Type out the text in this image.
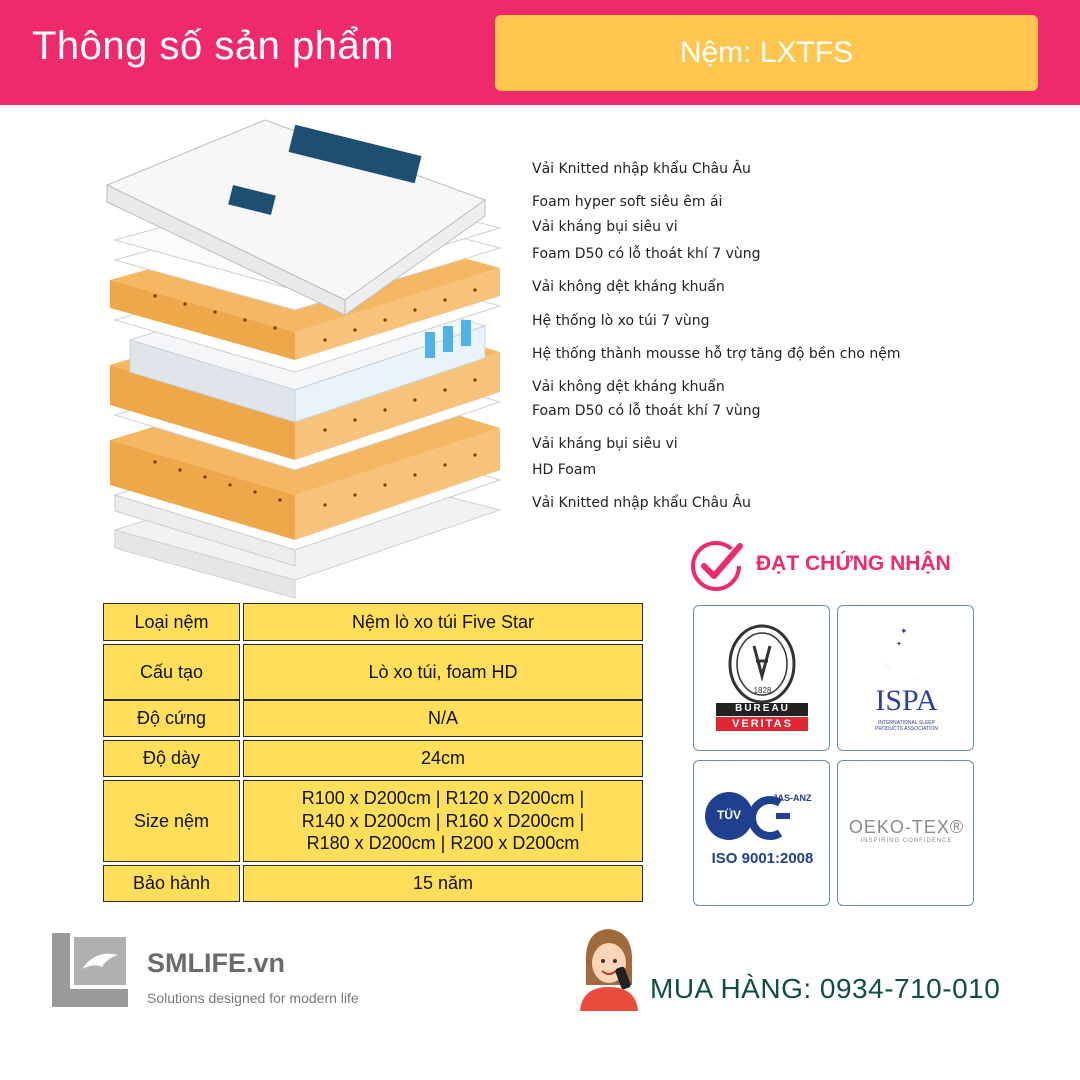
Thông số sản phẩm	Nệm: LXTFS
Vải Knitted nhập khẩu Châu Âu
Foam hyper soft siêu êm ái
Vải kháng bụi siêu vi
Foam D50 có lỗ thoát khí 7 vùng
Vải không dệt kháng khuẩn
Hệ thống lò xo túi 7 vùng
Hệ thống thành mousse hỗ trợ tăng độ bền cho nệm
Vải không dệt kháng khuẩn
Foam D50 có lỗ thoát khí 7 vùng
Vải kháng bụi siêu vi
HD Foam
Vải Knitted nhập khẩu Châu Âu
Loại nệm	Nệm lò xo túi Five Star
Cấu tạo	Lò xo túi, foam HD
Độ cứng	N/A
Độ dày	24cm
Size nệm
R100 x D200cm | R120 x D200cm |
R140 x D200cm | R160 x D200cm |
R180 x D200cm | R200 x D200cm
Bảo hành	15 năm
ĐẠT CHỨNG NHẬN
BUREAU
VERITAS
1828
✦
✦
ISPA
INTERNATIONAL SLEEP
PRODUCTS ASSOCIATION
TÜV
JAS-ANZ
ISO 9001:2008
OEKO-TEX®
INSPIRING CONFIDENCE
SMLIFE.vn
Solutions designed for modern life	MUA HÀNG: 0934-710-010
